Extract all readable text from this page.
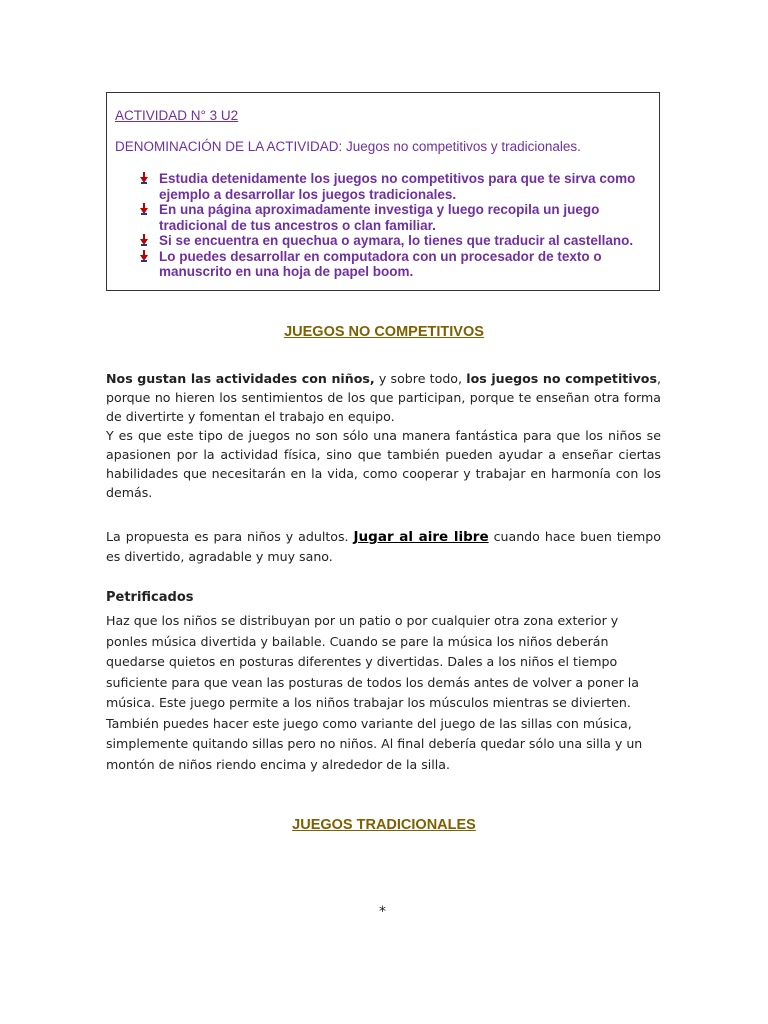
ACTIVIDAD N° 3 U2
DENOMINACIÓN DE LA ACTIVIDAD: Juegos no competitivos y tradicionales.
Estudia detenidamente los juegos no competitivos para que te sirva como ejemplo a desarrollar los juegos tradicionales.
En una página aproximadamente investiga y luego recopila un juego tradicional de tus ancestros o clan familiar.
Si se encuentra en quechua o aymara, lo tienes que traducir al castellano.
Lo puedes desarrollar en computadora con un procesador de texto o manuscrito en una hoja de papel boom.
JUEGOS NO COMPETITIVOS
Nos gustan las actividades con niños, y sobre todo, los juegos no competitivos, porque no hieren los sentimientos de los que participan, porque te enseñan otra forma de divertirte y fomentan el trabajo en equipo.
Y es que este tipo de juegos no son sólo una manera fantástica para que los niños se apasionen por la actividad física, sino que también pueden ayudar a enseñar ciertas habilidades que necesitarán en la vida, como cooperar y trabajar en harmonía con los demás.
La propuesta es para niños y adultos. Jugar al aire libre cuando hace buen tiempo es divertido, agradable y muy sano.
Petrificados
Haz que los niños se distribuyan por un patio o por cualquier otra zona exterior y ponles música divertida y bailable. Cuando se pare la música los niños deberán quedarse quietos en posturas diferentes y divertidas. Dales a los niños el tiempo suficiente para que vean las posturas de todos los demás antes de volver a poner la música. Este juego permite a los niños trabajar los músculos mientras se divierten. También puedes hacer este juego como variante del juego de las sillas con música, simplemente quitando sillas pero no niños. Al final debería quedar sólo una silla y un montón de niños riendo encima y alrededor de la silla.
JUEGOS TRADICIONALES
*
